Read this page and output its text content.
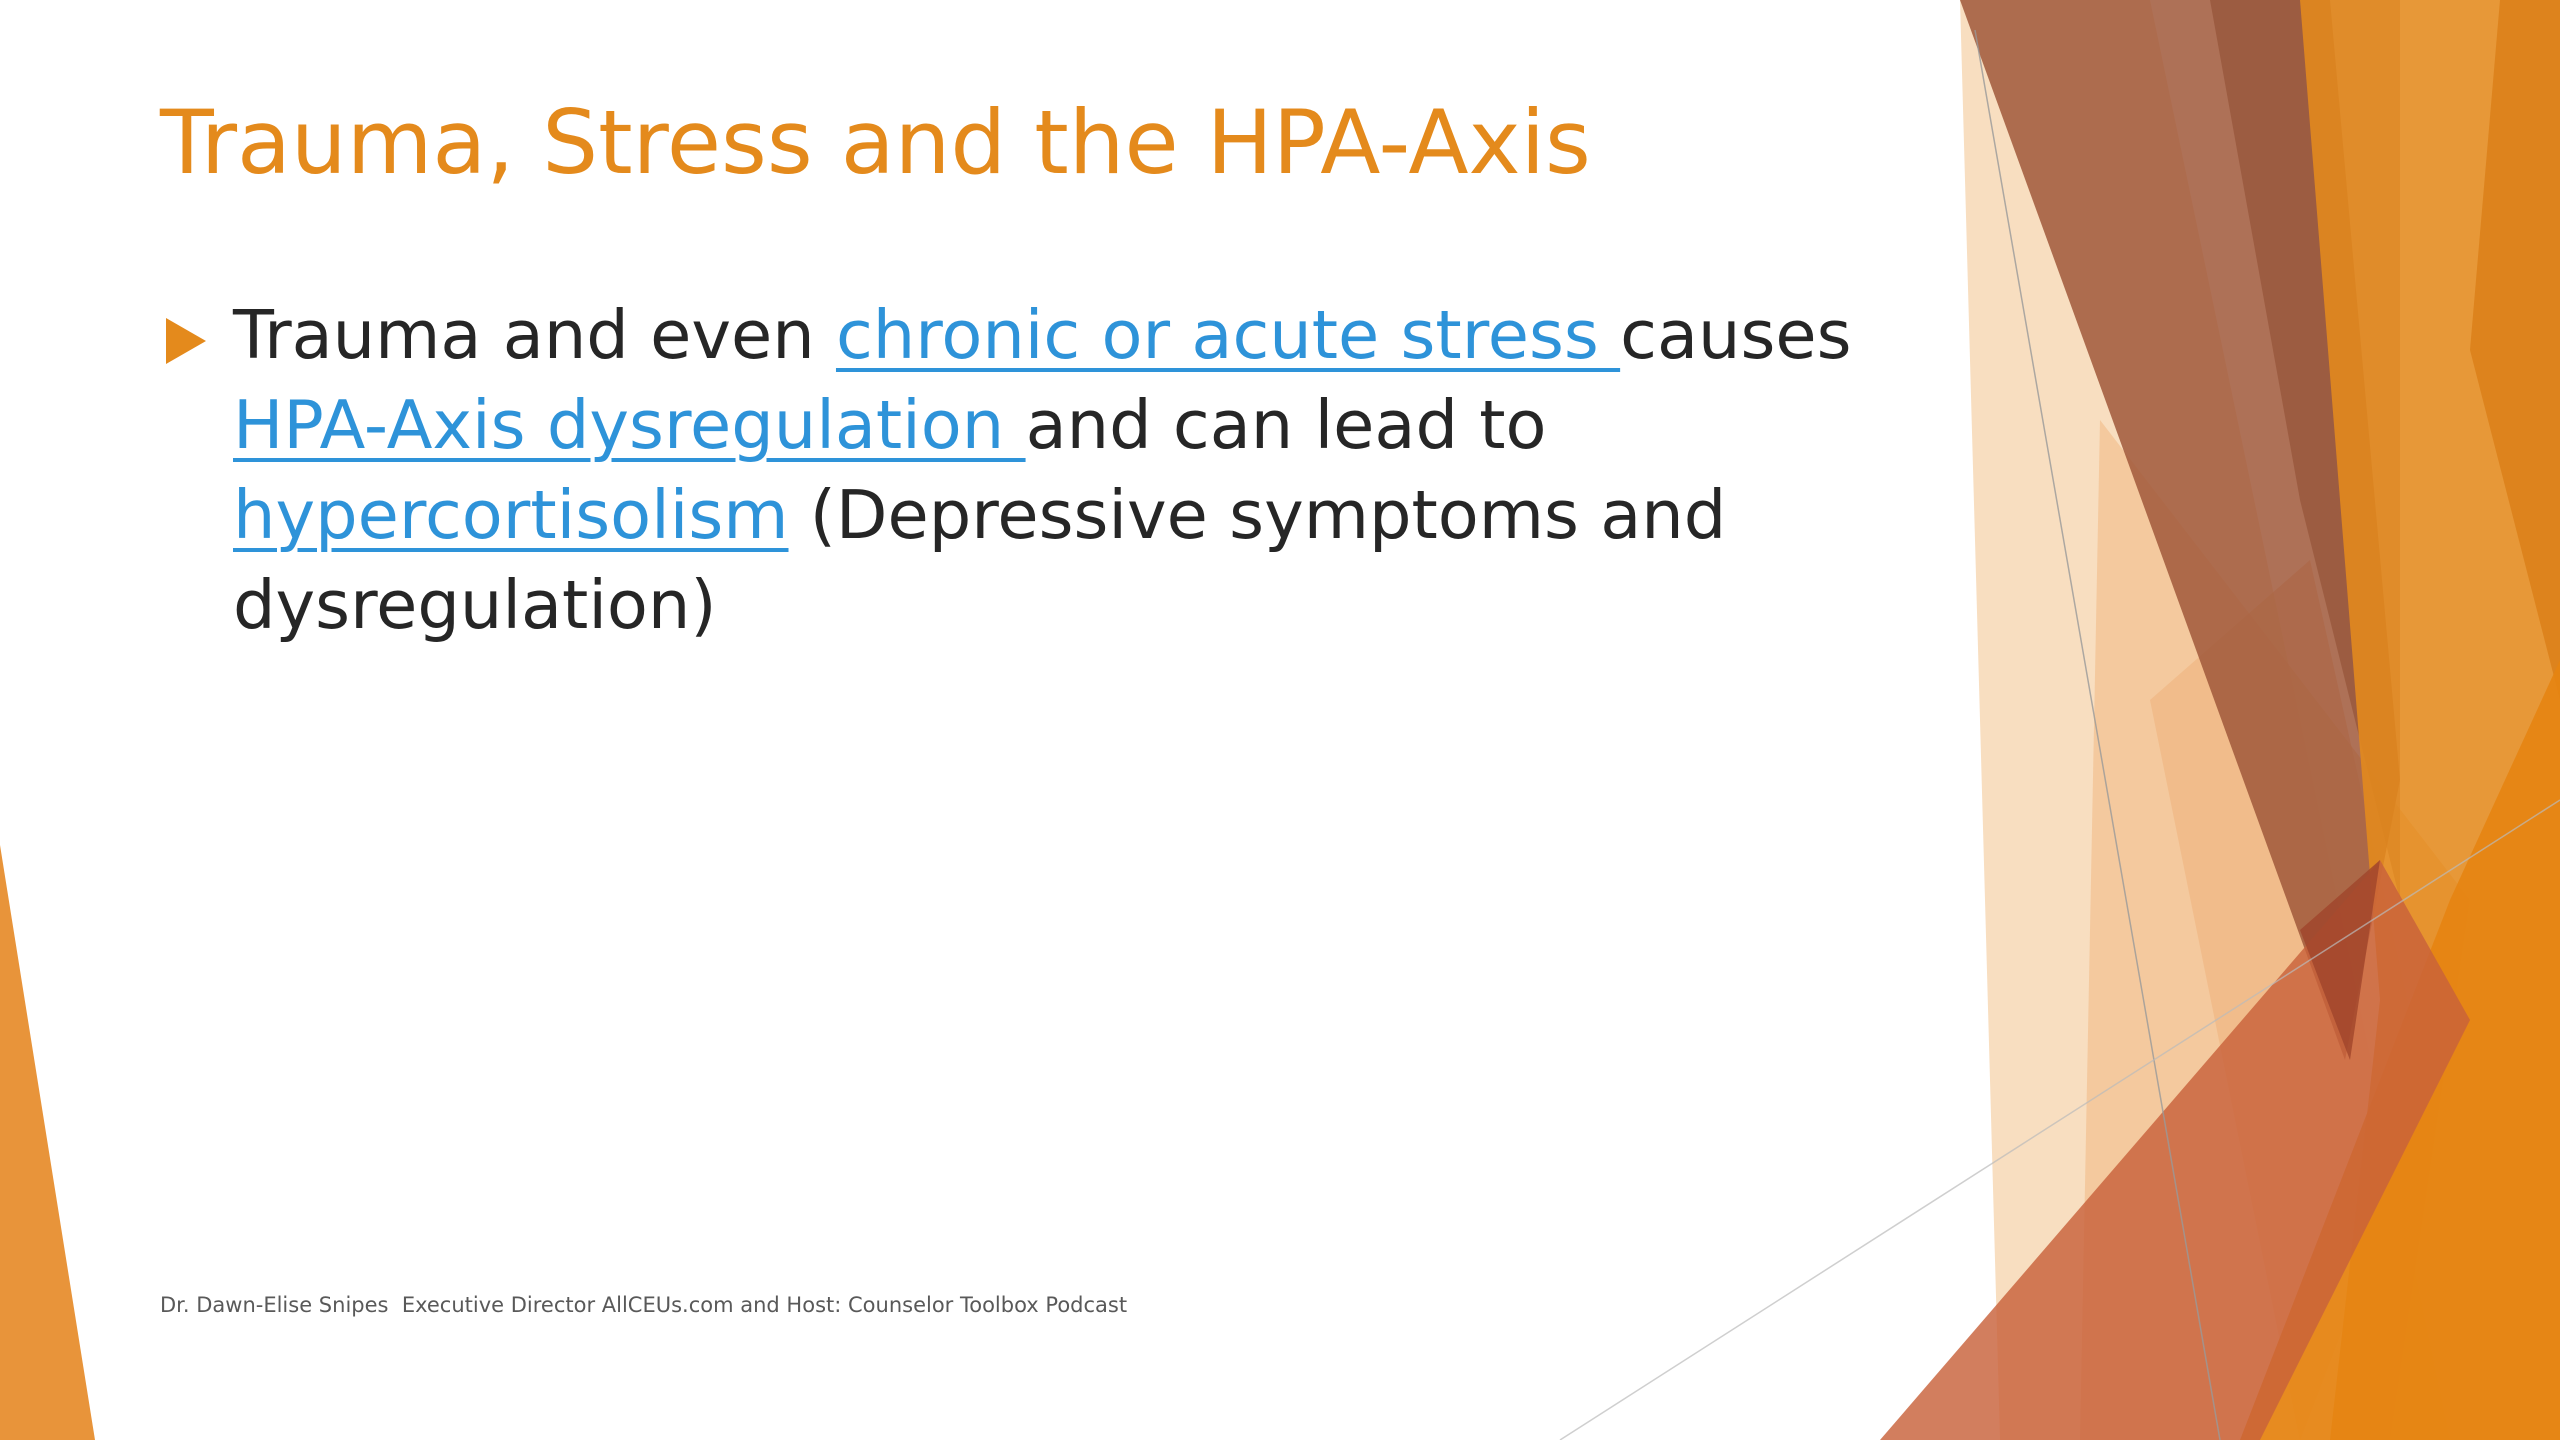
Trauma, Stress and the HPA-Axis
Trauma and even chronic or acute stress causes HPA-Axis dysregulation and can lead to hypercortisolism (Depressive symptoms and dysregulation)
Dr. Dawn-Elise Snipes  Executive Director AllCEUs.com and Host: Counselor Toolbox Podcast
